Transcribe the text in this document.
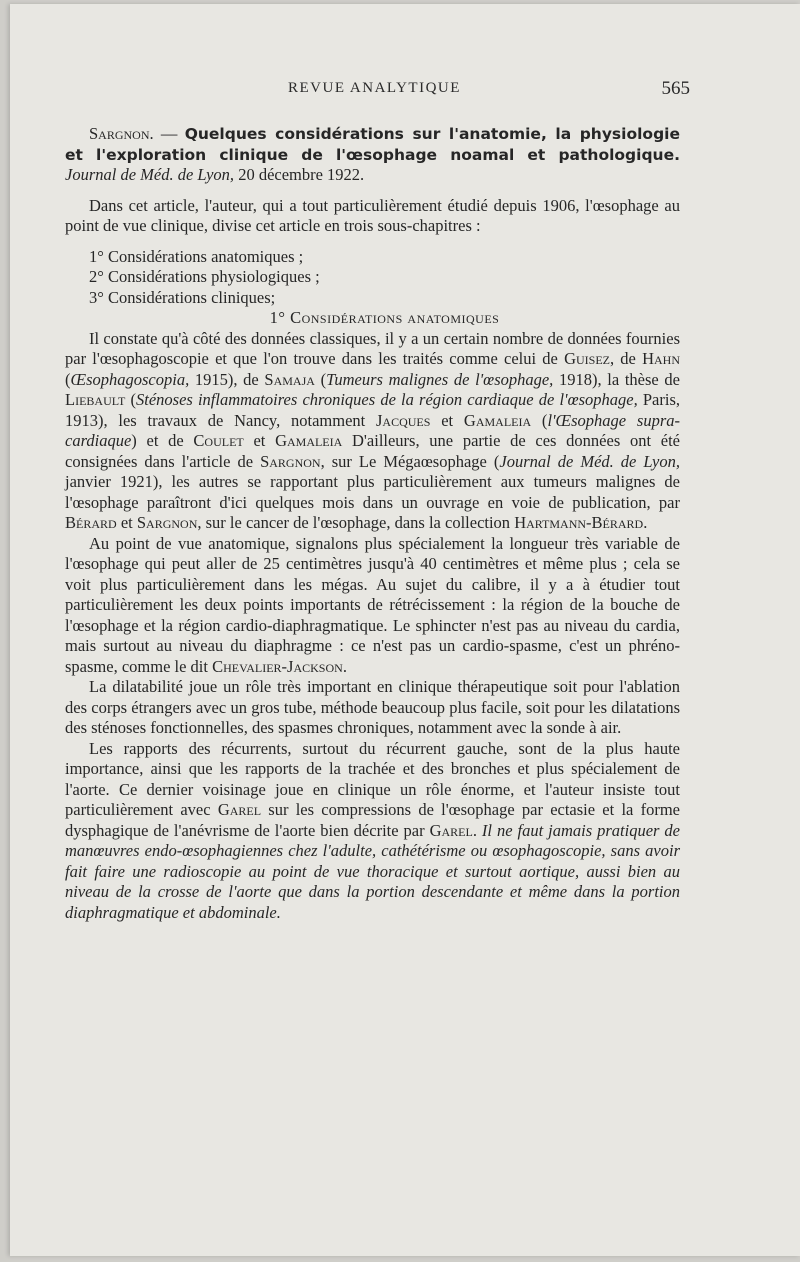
REVUE ANALYTIQUE	565

Sargnon. — Quelques considérations sur l'anatomie, la physiologie et l'exploration clinique de l'œsophage noamal et pathologique. Journal de Méd. de Lyon, 20 décembre 1922.

Dans cet article, l'auteur, qui a tout particulièrement étudié depuis 1906, l'œsophage au point de vue clinique, divise cet article en trois sous-chapitres :

1° Considérations anatomiques ;
2° Considérations physiologiques ;
3° Considérations cliniques;

1° Considérations anatomiques

Il constate qu'à côté des données classiques, il y a un certain nombre de données fournies par l'œsophagoscopie et que l'on trouve dans les traités comme celui de Guisez, de Hahn (Œsophagoscopia, 1915), de Samaja (Tumeurs malignes de l'œsophage, 1918), la thèse de Liebault (Sténoses inflammatoires chroniques de la région cardiaque de l'œsophage, Paris, 1913), les travaux de Nancy, notamment Jacques et Gamaleia (l'Œsophage supra-cardiaque) et de Coulet et Gamaleia D'ailleurs, une partie de ces données ont été consignées dans l'article de Sargnon, sur Le Mégaœsophage (Journal de Méd. de Lyon, janvier 1921), les autres se rapportant plus particulièrement aux tumeurs malignes de l'œsophage paraîtront d'ici quelques mois dans un ouvrage en voie de publication, par Bérard et Sargnon, sur le cancer de l'œsophage, dans la collection Hartmann-Bérard.

Au point de vue anatomique, signalons plus spécialement la longueur très variable de l'œsophage qui peut aller de 25 centimètres jusqu'à 40 centimètres et même plus ; cela se voit plus particulièrement dans les mégas. Au sujet du calibre, il y a à étudier tout particulièrement les deux points importants de rétrécissement : la région de la bouche de l'œsophage et la région cardio-diaphragmatique. Le sphincter n'est pas au niveau du cardia, mais surtout au niveau du diaphragme : ce n'est pas un cardio-spasme, c'est un phréno-spasme, comme le dit Chevalier-Jackson.

La dilatabilité joue un rôle très important en clinique thérapeutique soit pour l'ablation des corps étrangers avec un gros tube, méthode beaucoup plus facile, soit pour les dilatations des sténoses fonctionnelles, des spasmes chroniques, notamment avec la sonde à air.

Les rapports des récurrents, surtout du récurrent gauche, sont de la plus haute importance, ainsi que les rapports de la trachée et des bronches et plus spécialement de l'aorte. Ce dernier voisinage joue en clinique un rôle énorme, et l'auteur insiste tout particulièrement avec Garel sur les compressions de l'œsophage par ectasie et la forme dysphagique de l'anévrisme de l'aorte bien décrite par Garel. Il ne faut jamais pratiquer de manœuvres endo-œsophagiennes chez l'adulte, cathétérisme ou œsophagoscopie, sans avoir fait faire une radioscopie au point de vue thoracique et surtout aortique, aussi bien au niveau de la crosse de l'aorte que dans la portion descendante et même dans la portion diaphragmatique et abdominale.
